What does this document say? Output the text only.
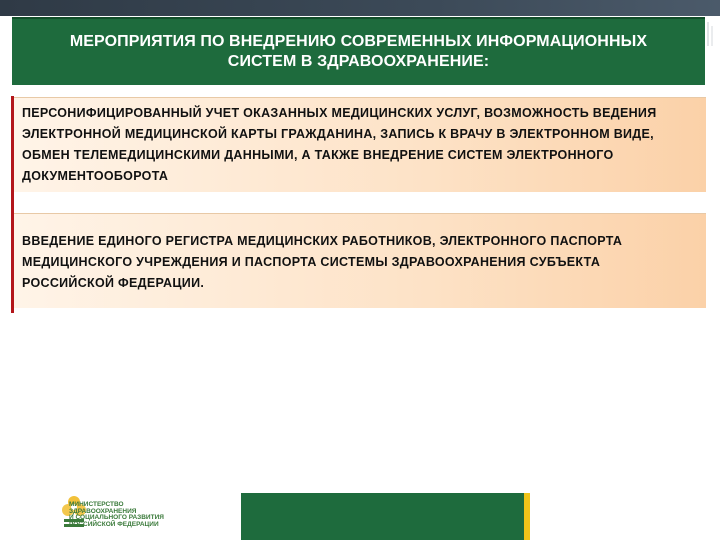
МЕРОПРИЯТИЯ ПО ВНЕДРЕНИЮ СОВРЕМЕННЫХ ИНФОРМАЦИОННЫХ
СИСТЕМ В ЗДРАВООХРАНЕНИЕ:
ПЕРСОНИФИЦИРОВАННЫЙ УЧЕТ ОКАЗАННЫХ МЕДИЦИНСКИХ УСЛУГ, ВОЗМОЖНОСТЬ ВЕДЕНИЯ ЭЛЕКТРОННОЙ МЕДИЦИНСКОЙ КАРТЫ ГРАЖДАНИНА, ЗАПИСЬ К ВРАЧУ В ЭЛЕКТРОННОМ ВИДЕ, ОБМЕН ТЕЛЕМЕДИЦИНСКИМИ ДАННЫМИ, А ТАКЖЕ ВНЕДРЕНИЕ СИСТЕМ ЭЛЕКТРОННОГО ДОКУМЕНТООБОРОТА
ВВЕДЕНИЕ ЕДИНОГО РЕГИСТРА МЕДИЦИНСКИХ РАБОТНИКОВ, ЭЛЕКТРОННОГО ПАСПОРТА МЕДИЦИНСКОГО УЧРЕЖДЕНИЯ И ПАСПОРТА СИСТЕМЫ ЗДРАВООХРАНЕНИЯ СУБЪЕКТА РОССИЙСКОЙ ФЕДЕРАЦИИ.
МИНИСТЕРСТВО
ЗДРАВООХРАНЕНИЯ
И СОЦИАЛЬНОГО РАЗВИТИЯ
РОССИЙСКОЙ ФЕДЕРАЦИИ
